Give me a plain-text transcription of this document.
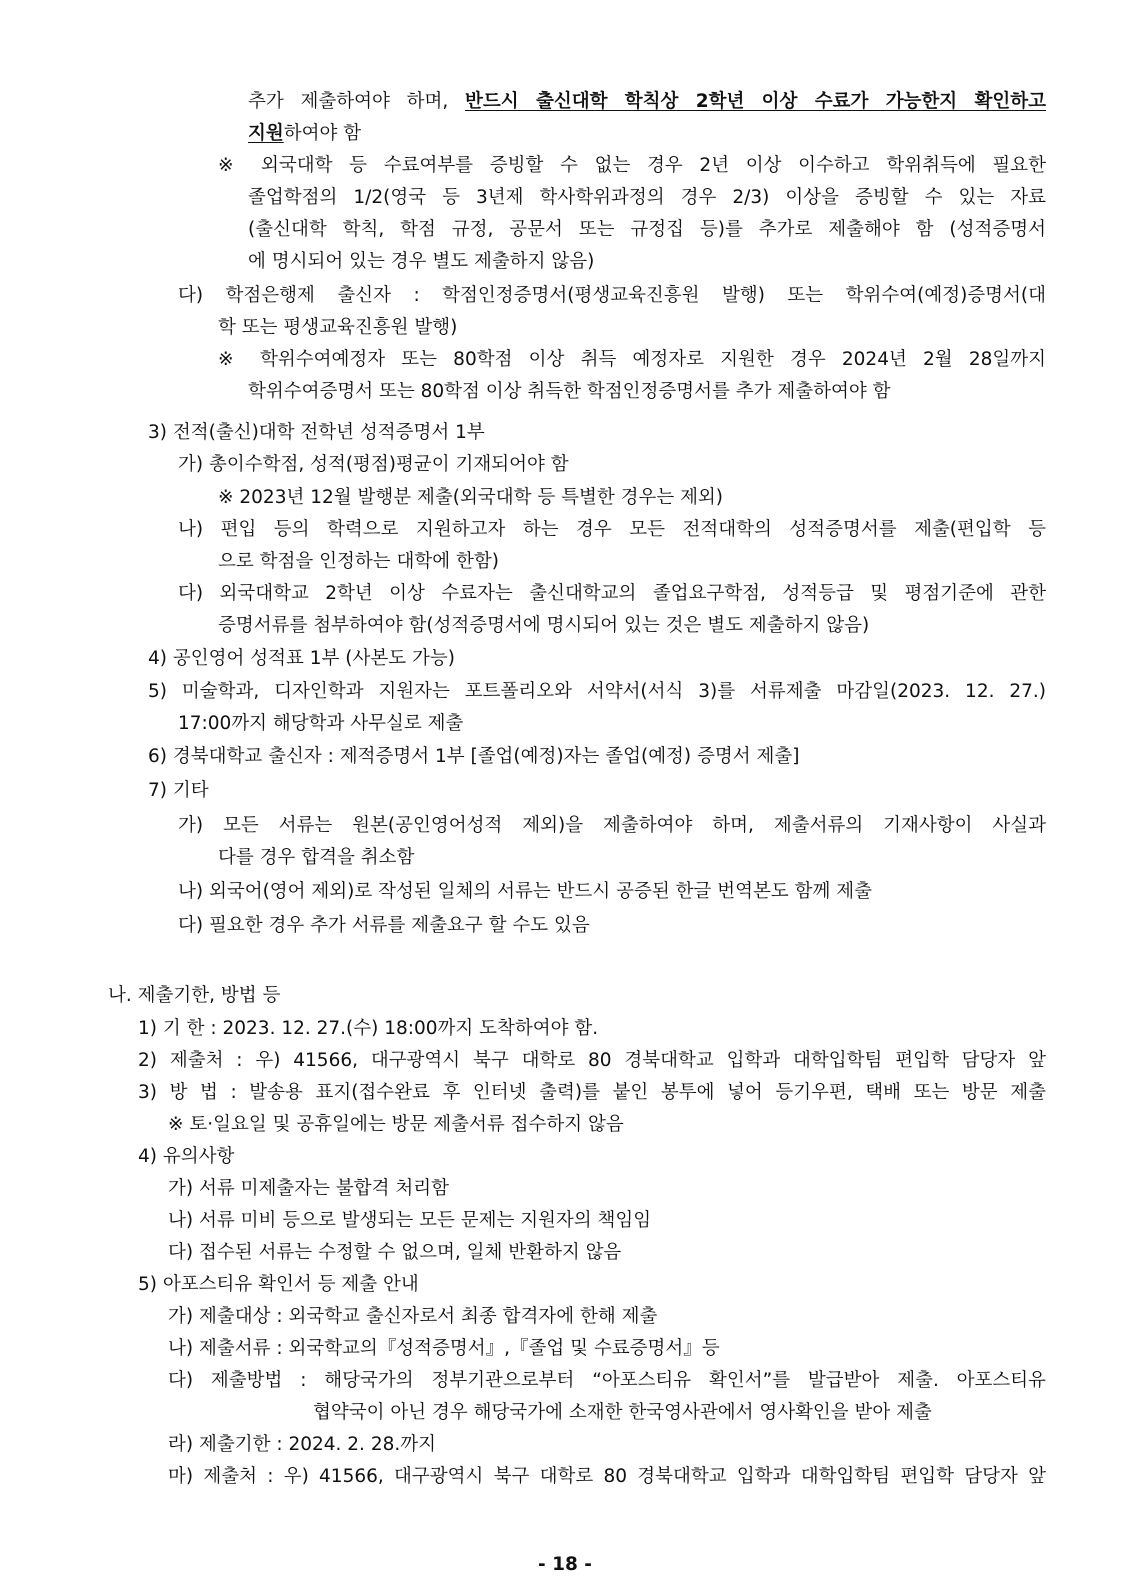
추가 제출하여야 하며, 반드시 출신대학 학칙상 2학년 이상 수료가 가능한지 확인하고
지원하여야 함
※ 외국대학 등 수료여부를 증빙할 수 없는 경우 2년 이상 이수하고 학위취득에 필요한
졸업학점의 1/2(영국 등 3년제 학사학위과정의 경우 2/3) 이상을 증빙할 수 있는 자료
(출신대학 학칙, 학점 규정, 공문서 또는 규정집 등)를 추가로 제출해야 함 (성적증명서
에 명시되어 있는 경우 별도 제출하지 않음)
다) 학점은행제 출신자 : 학점인정증명서(평생교육진흥원 발행) 또는 학위수여(예정)증명서(대
학 또는 평생교육진흥원 발행)
※ 학위수여예정자 또는 80학점 이상 취득 예정자로 지원한 경우 2024년 2월 28일까지
학위수여증명서 또는 80학점 이상 취득한 학점인정증명서를 추가 제출하여야 함
3) 전적(출신)대학 전학년 성적증명서 1부
가) 총이수학점, 성적(평점)평균이 기재되어야 함
※ 2023년 12월 발행분 제출(외국대학 등 특별한 경우는 제외)
나) 편입 등의 학력으로 지원하고자 하는 경우 모든 전적대학의 성적증명서를 제출(편입학 등
으로 학점을 인정하는 대학에 한함)
다) 외국대학교 2학년 이상 수료자는 출신대학교의 졸업요구학점, 성적등급 및 평점기준에 관한
증명서류를 첨부하여야 함(성적증명서에 명시되어 있는 것은 별도 제출하지 않음)
4) 공인영어 성적표 1부 (사본도 가능)
5) 미술학과, 디자인학과 지원자는 포트폴리오와 서약서(서식 3)를 서류제출 마감일(2023. 12. 27.)
17:00까지 해당학과 사무실로 제출
6) 경북대학교 출신자 : 제적증명서 1부 [졸업(예정)자는 졸업(예정) 증명서 제출]
7) 기타
가) 모든 서류는 원본(공인영어성적 제외)을 제출하여야 하며, 제출서류의 기재사항이 사실과
다를 경우 합격을 취소함
나) 외국어(영어 제외)로 작성된 일체의 서류는 반드시 공증된 한글 번역본도 함께 제출
다) 필요한 경우 추가 서류를 제출요구 할 수도 있음
나. 제출기한, 방법 등
1) 기 한 : 2023. 12. 27.(수) 18:00까지 도착하여야 함.
2) 제출처 : 우) 41566, 대구광역시 북구 대학로 80 경북대학교 입학과 대학입학팀 편입학 담당자 앞
3) 방 법 : 발송용 표지(접수완료 후 인터넷 출력)를 붙인 봉투에 넣어 등기우편, 택배 또는 방문 제출
※ 토·일요일 및 공휴일에는 방문 제출서류 접수하지 않음
4) 유의사항
가) 서류 미제출자는 불합격 처리함
나) 서류 미비 등으로 발생되는 모든 문제는 지원자의 책임임
다) 접수된 서류는 수정할 수 없으며, 일체 반환하지 않음
5) 아포스티유 확인서 등 제출 안내
가) 제출대상 : 외국학교 출신자로서 최종 합격자에 한해 제출
나) 제출서류 : 외국학교의『성적증명서』,『졸업 및 수료증명서』등
다) 제출방법 : 해당국가의 정부기관으로부터 “아포스티유 확인서”를 발급받아 제출. 아포스티유
협약국이 아닌 경우 해당국가에 소재한 한국영사관에서 영사확인을 받아 제출
라) 제출기한 : 2024. 2. 28.까지
마) 제출처 : 우) 41566, 대구광역시 북구 대학로 80 경북대학교 입학과 대학입학팀 편입학 담당자 앞
- 18 -
